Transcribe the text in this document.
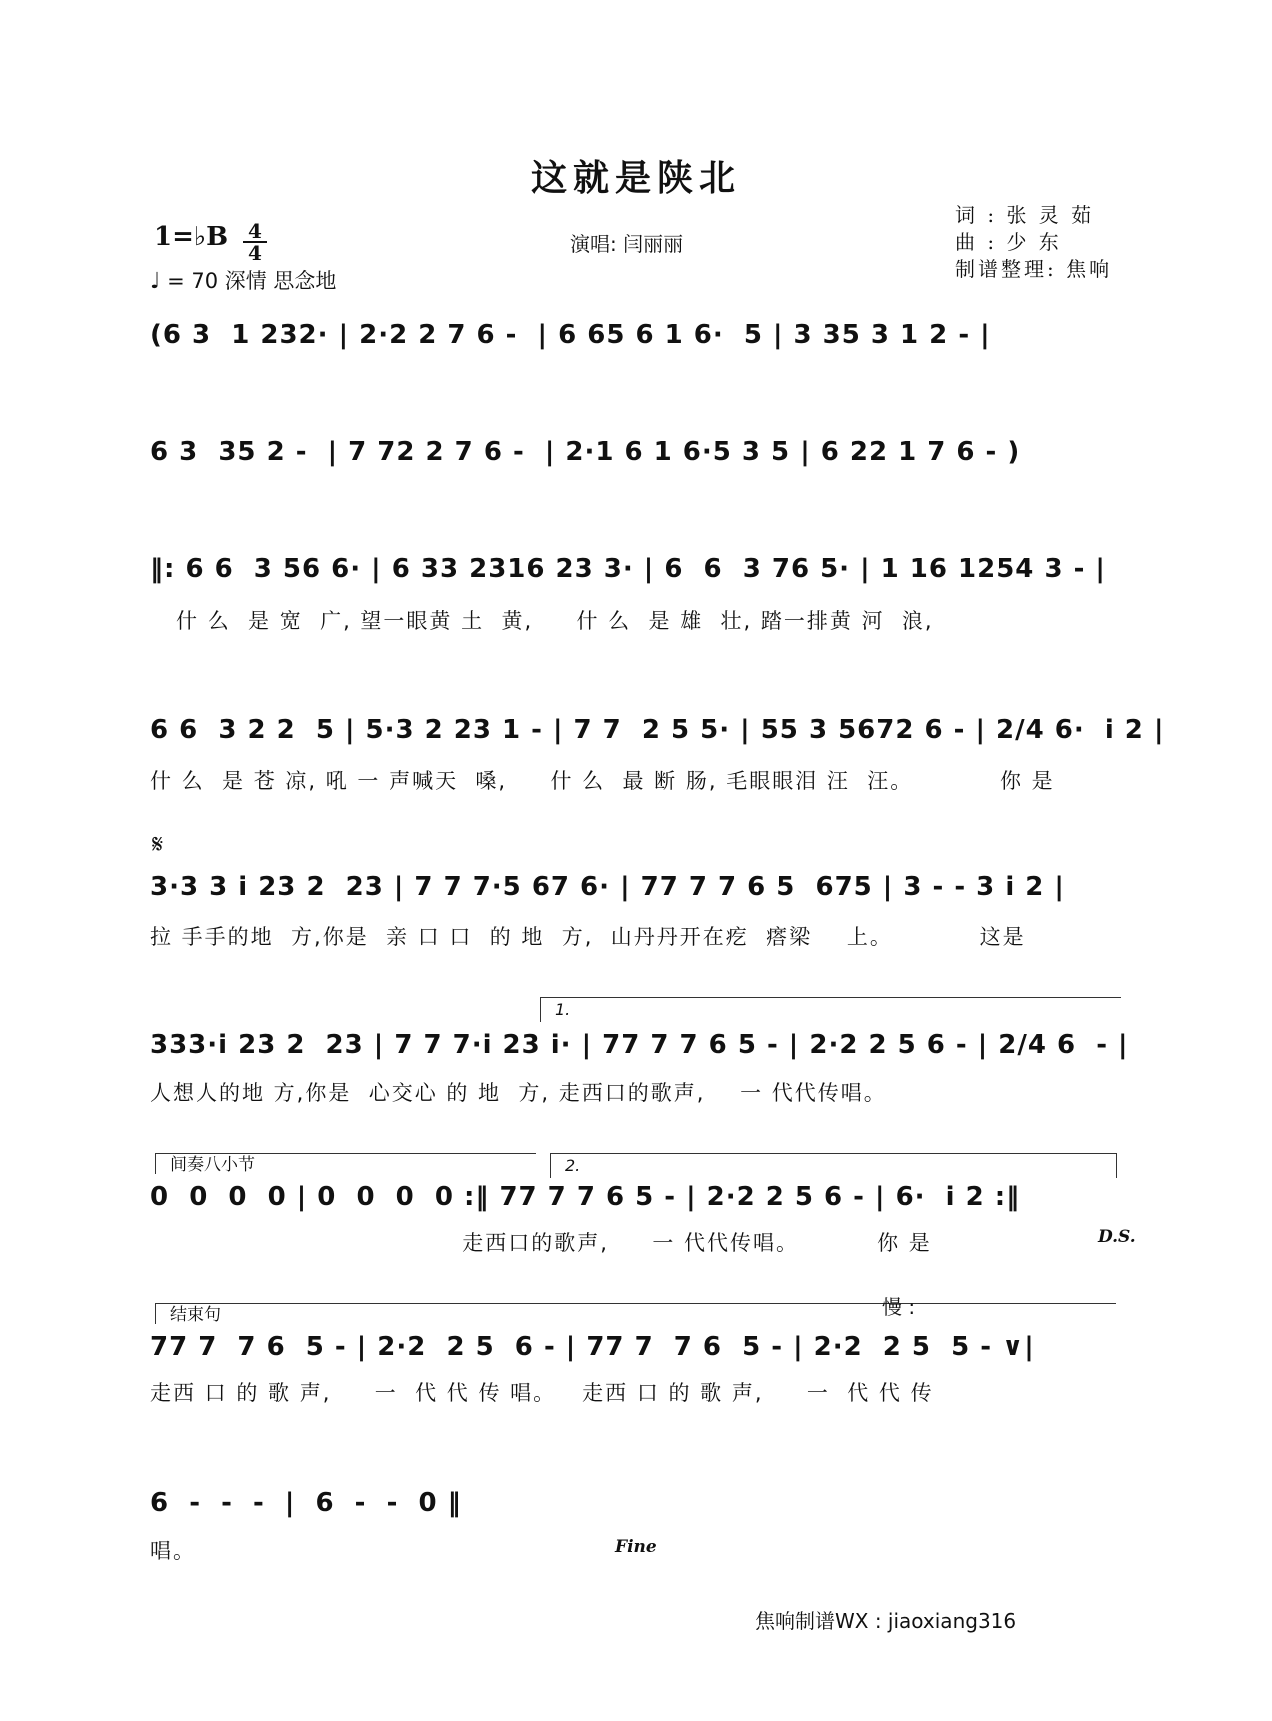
这就是陕北
词 : 张 灵 茹
曲 : 少 东
制谱整理: 焦响
演唱: 闫丽丽
1=♭B 4
4
♩ = 70 深情 思念地
(6 3  1 232· | 2·2 2 7 6 -  | 6 65 6 1 6·  5 | 3 35 3 1 2 - |
6 3  35 2 -  | 7 72 2 7 6 -  | 2·1 6 1 6·5 3 5 | 6 22 1 7 6 - )
‖: 6 6  3 56 6· | 6 33 2316 23 3· | 6  6  3 76 5· | 1 16 1254 3 - |
什 么  是 宽  广, 望一眼黄 土  黄,     什 么  是 雄  壮, 踏一排黄 河  浪,
6 6  3 2 2  5 | 5·3 2 23 1 - | 7 7  2 5 5· | 55 3 5672 6 - | 2/4 6·  i 2 |
什 么  是 苍 凉, 吼 一 声喊天  嗓,     什 么  最 断 肠, 毛眼眼泪 汪  汪。          你 是
𝄋
3·3 3 i 23 2  23 | 7 7 7·5 67 6· | 77 7 7 6 5  675 | 3 - - 3 i 2 |
拉 手手的地  方,你是  亲 口 口  的 地  方,  山丹丹开在疙  瘩梁    上。          这是
1.
333·i 23 2  23 | 7 7 7·i 23 i· | 77 7 7 6 5 - | 2·2 2 5 6 - | 2/4 6  - |
人想人的地 方,你是  心交心 的 地  方, 走西口的歌声,    一 代代传唱。
间奏八小节	2.
0  0  0  0 | 0  0  0  0 :‖ 77 7 7 6 5 - | 2·2 2 5 6 - | 6·  i 2 :‖
走西口的歌声,     一 代代传唱。         你 是	D.S.
结束句	慢 :
77 7  7 6  5 - | 2·2  2 5  6 - | 77 7  7 6  5 - | 2·2  2 5  5 - ∨|
走西 口 的 歌 声,     一  代 代 传 唱。   走西 口 的 歌 声,     一  代 代 传
6  -  -  -  |  6  -  -  0 ‖
唱。	Fine
焦响制谱WX : jiaoxiang316
